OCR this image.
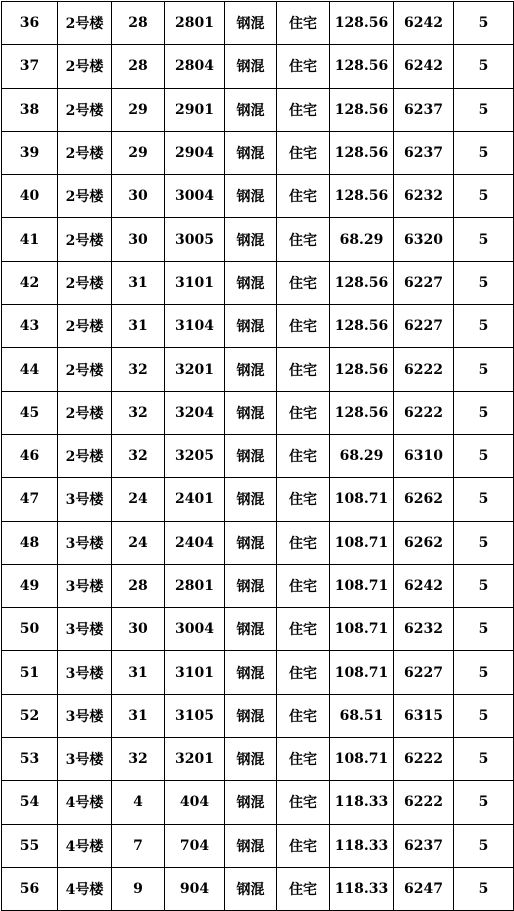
36	2号楼	28	2801	钢混	住宅	128.56	6242	5
37	2号楼	28	2804	钢混	住宅	128.56	6242	5
38	2号楼	29	2901	钢混	住宅	128.56	6237	5
39	2号楼	29	2904	钢混	住宅	128.56	6237	5
40	2号楼	30	3004	钢混	住宅	128.56	6232	5
41	2号楼	30	3005	钢混	住宅	68.29	6320	5
42	2号楼	31	3101	钢混	住宅	128.56	6227	5
43	2号楼	31	3104	钢混	住宅	128.56	6227	5
44	2号楼	32	3201	钢混	住宅	128.56	6222	5
45	2号楼	32	3204	钢混	住宅	128.56	6222	5
46	2号楼	32	3205	钢混	住宅	68.29	6310	5
47	3号楼	24	2401	钢混	住宅	108.71	6262	5
48	3号楼	24	2404	钢混	住宅	108.71	6262	5
49	3号楼	28	2801	钢混	住宅	108.71	6242	5
50	3号楼	30	3004	钢混	住宅	108.71	6232	5
51	3号楼	31	3101	钢混	住宅	108.71	6227	5
52	3号楼	31	3105	钢混	住宅	68.51	6315	5
53	3号楼	32	3201	钢混	住宅	108.71	6222	5
54	4号楼	4	404	钢混	住宅	118.33	6222	5
55	4号楼	7	704	钢混	住宅	118.33	6237	5
56	4号楼	9	904	钢混	住宅	118.33	6247	5
